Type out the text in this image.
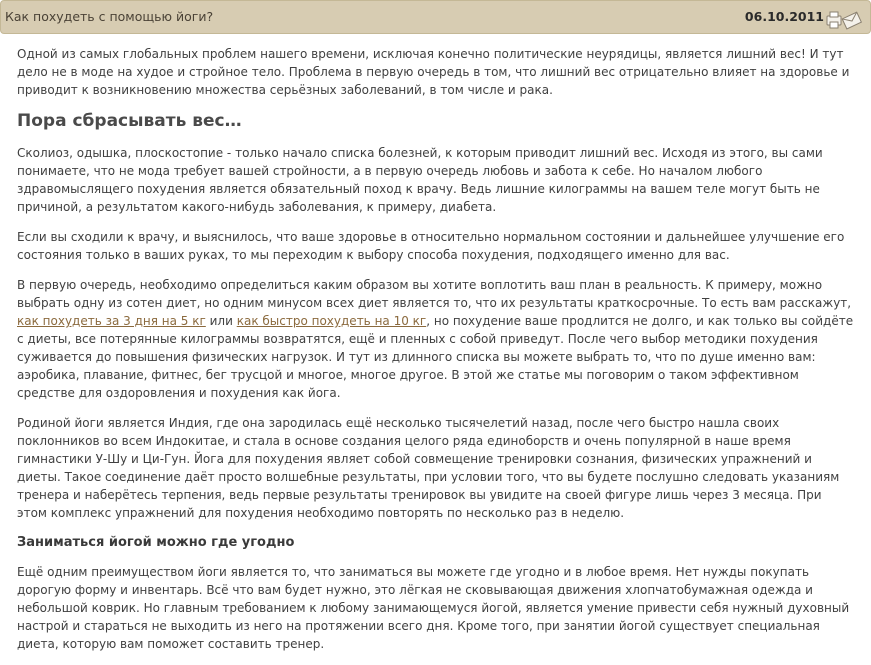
Как похудеть с помощью йоги?	06.10.2011

Одной из самых глобальных проблем нашего времени, исключая конечно политические неурядицы, является лишний вес! И тут дело не в моде на худое и стройное тело. Проблема в первую очередь в том, что лишний вес отрицательно влияет на здоровье и приводит к возникновению множества серьёзных заболеваний, в том числе и рака.

Пора сбрасывать вес…

Сколиоз, одышка, плоскостопие - только начало списка болезней, к которым приводит лишний вес. Исходя из этого, вы сами понимаете, что не мода требует вашей стройности, а в первую очередь любовь и забота к себе. Но началом любого здравомыслящего похудения является обязательный поход к врачу. Ведь лишние килограммы на вашем теле могут быть не причиной, а результатом какого-нибудь заболевания, к примеру, диабета.

Если вы сходили к врачу, и выяснилось, что ваше здоровье в относительно нормальном состоянии и дальнейшее улучшение его состояния только в ваших руках, то мы переходим к выбору способа похудения, подходящего именно для вас.

В первую очередь, необходимо определиться каким образом вы хотите воплотить ваш план в реальность. К примеру, можно выбрать одну из сотен диет, но одним минусом всех диет является то, что их результаты краткосрочные. То есть вам расскажут, как похудеть за 3 дня на 5 кг или как быстро похудеть на 10 кг, но похудение ваше продлится не долго, и как только вы сойдёте с диеты, все потерянные килограммы возвратятся, ещё и пленных с собой приведут. После чего выбор методики похудения суживается до повышения физических нагрузок. И тут из длинного списка вы можете выбрать то, что по душе именно вам: аэробика, плавание, фитнес, бег трусцой и многое, многое другое. В этой же статье мы поговорим о таком эффективном средстве для оздоровления и похудения как йога.

Родиной йоги является Индия, где она зародилась ещё несколько тысячелетий назад, после чего быстро нашла своих поклонников во всем Индокитае, и стала в основе создания целого ряда единоборств и очень популярной в наше время гимнастики У-Шу и Ци-Гун. Йога для похудения являет собой совмещение тренировки сознания, физических упражнений и диеты. Такое соединение даёт просто волшебные результаты, при условии того, что вы будете послушно следовать указаниям тренера и наберётесь терпения, ведь первые результаты тренировок вы увидите на своей фигуре лишь через 3 месяца. При этом комплекс упражнений для похудения необходимо повторять по несколько раз в неделю.

Заниматься йогой можно где угодно

Ещё одним преимуществом йоги является то, что заниматься вы можете где угодно и в любое время. Нет нужды покупать дорогую форму и инвентарь. Всё что вам будет нужно, это лёгкая не сковывающая движения хлопчатобумажная одежда и небольшой коврик. Но главным требованием к любому занимающемуся йогой, является умение привести себя нужный духовный настрой и стараться не выходить из него на протяжении всего дня. Кроме того, при занятии йогой существует специальная диета, которую вам поможет составить тренер.
